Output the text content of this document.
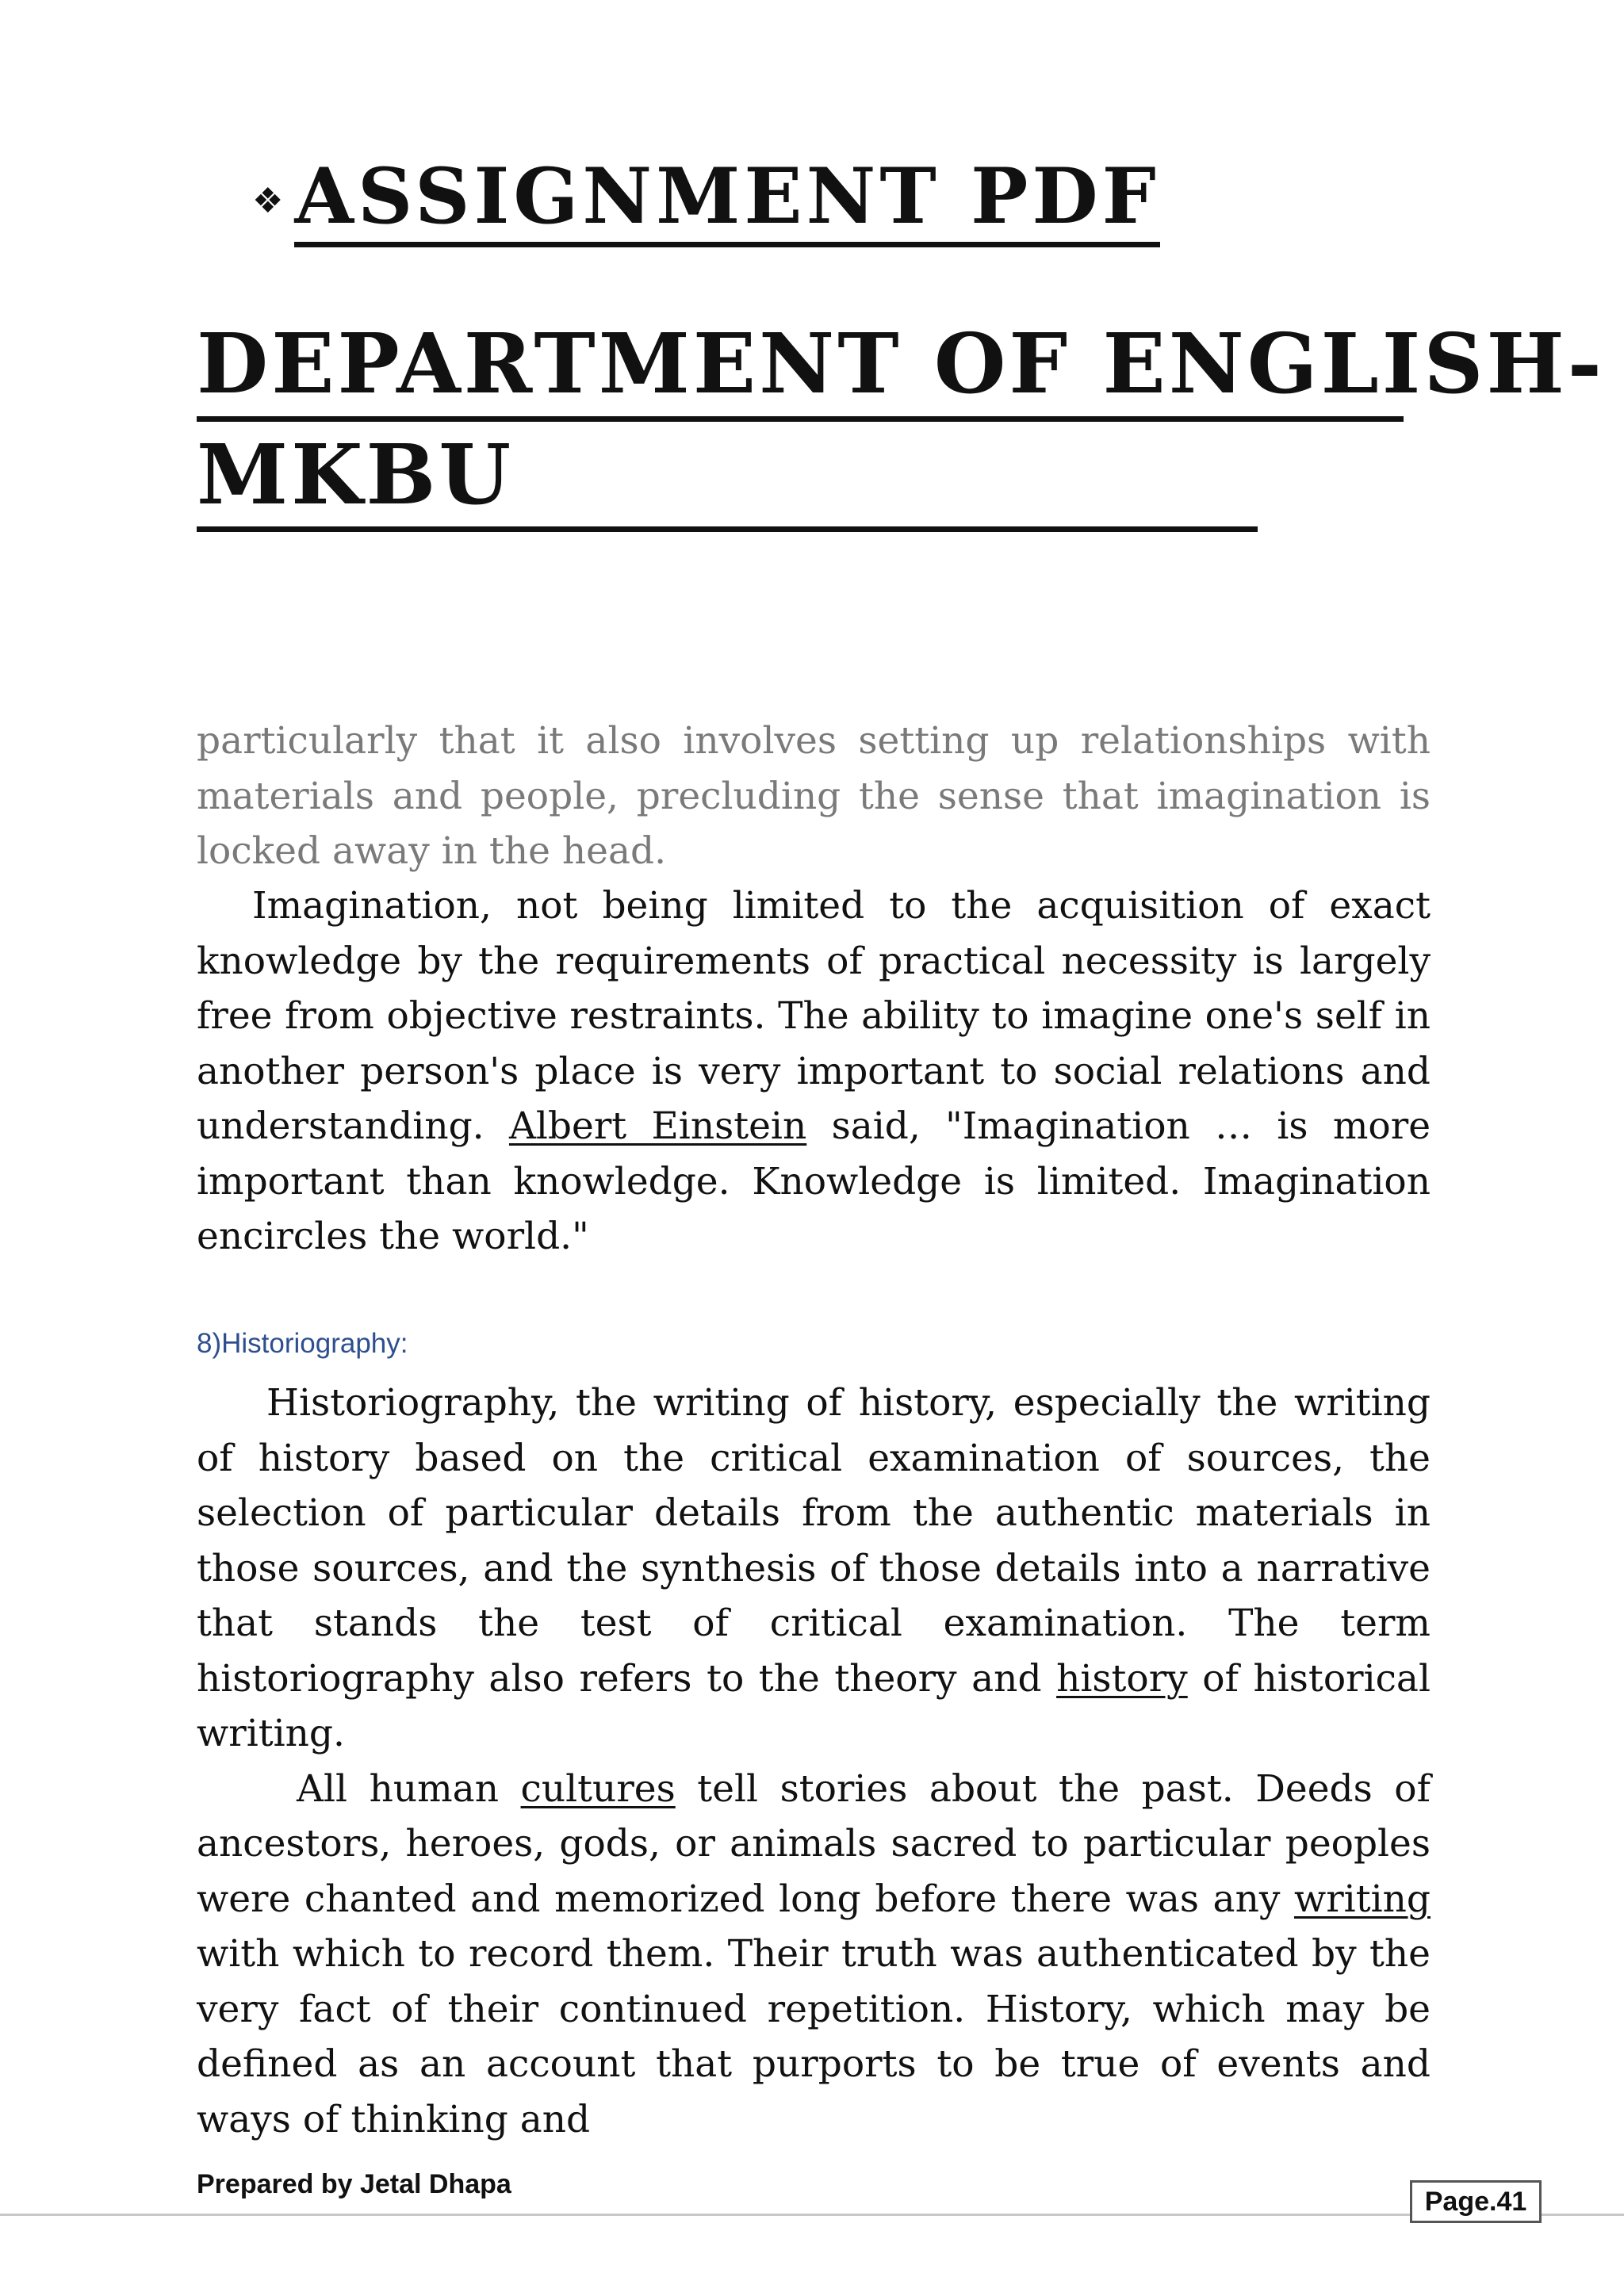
❖ ASSIGNMENT PDF
DEPARTMENT OF ENGLISH-
MKBU

particularly that it also involves setting up relationships with materials and people, precluding the sense that imagination is locked away in the head.

Imagination, not being limited to the acquisition of exact knowledge by the requirements of practical necessity is largely free from objective restraints. The ability to imagine one's self in another person's place is very important to social relations and understanding. Albert Einstein said, "Imagination … is more important than knowledge. Knowledge is limited. Imagination encircles the world."

8)Historiography:

Historiography, the writing of history, especially the writing of history based on the critical examination of sources, the selection of particular details from the authentic materials in those sources, and the synthesis of those details into a narrative that stands the test of critical examination. The term historiography also refers to the theory and history of historical writing.

All human cultures tell stories about the past. Deeds of ancestors, heroes, gods, or animals sacred to particular peoples were chanted and memorized long before there was any writing with which to record them. Their truth was authenticated by the very fact of their continued repetition. History, which may be defined as an account that purports to be true of events and ways of thinking and

Prepared by Jetal Dhapa
Page.41
